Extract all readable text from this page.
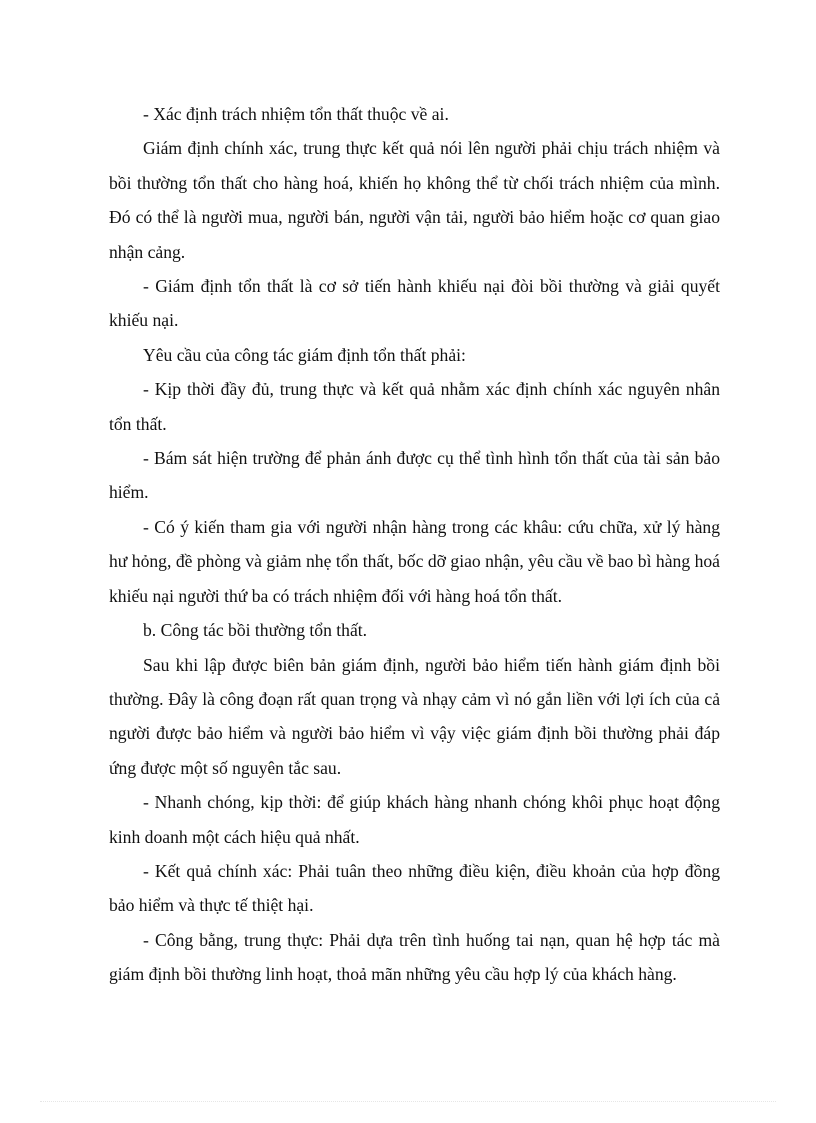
- Xác định trách nhiệm tổn thất thuộc về ai.

Giám định chính xác, trung thực kết quả nói lên người phải chịu trách nhiệm và bồi thường tổn thất cho hàng hoá, khiến họ không thể từ chối trách nhiệm của mình. Đó có thể là người mua, người bán, người vận tải, người bảo hiểm hoặc cơ quan giao nhận cảng.

- Giám định tổn thất là cơ sở tiến hành khiếu nại đòi bồi thường và giải quyết khiếu nại.

Yêu cầu của công tác giám định tổn thất phải:

- Kịp thời đầy đủ, trung thực và kết quả nhằm xác định chính xác nguyên nhân tổn thất.

- Bám sát hiện trường để phản ánh được cụ thể tình hình tổn thất của tài sản bảo hiểm.

- Có ý kiến tham gia với người nhận hàng trong các khâu: cứu chữa, xử lý hàng hư hỏng, đề phòng và giảm nhẹ tổn thất, bốc dỡ giao nhận, yêu cầu về bao bì hàng hoá khiếu nại người thứ ba có trách nhiệm đối với hàng hoá tổn thất.

b. Công tác bồi thường tổn thất.

Sau khi lập được biên bản giám định, người bảo hiểm tiến hành giám định bồi thường. Đây là công đoạn rất quan trọng và nhạy cảm vì nó gắn liền với lợi ích của cả người được bảo hiểm và người bảo hiểm vì vậy việc giám định bồi thường phải đáp ứng được một số nguyên tắc sau.

- Nhanh chóng, kịp thời: để giúp khách hàng nhanh chóng khôi phục hoạt động kinh doanh một cách hiệu quả nhất.

- Kết quả chính xác: Phải tuân theo những điều kiện, điều khoản của hợp đồng bảo hiểm và thực tế thiệt hại.

- Công bằng, trung thực: Phải dựa trên tình huống tai nạn, quan hệ hợp tác mà giám định bồi thường linh hoạt, thoả mãn những yêu cầu hợp lý của khách hàng.
